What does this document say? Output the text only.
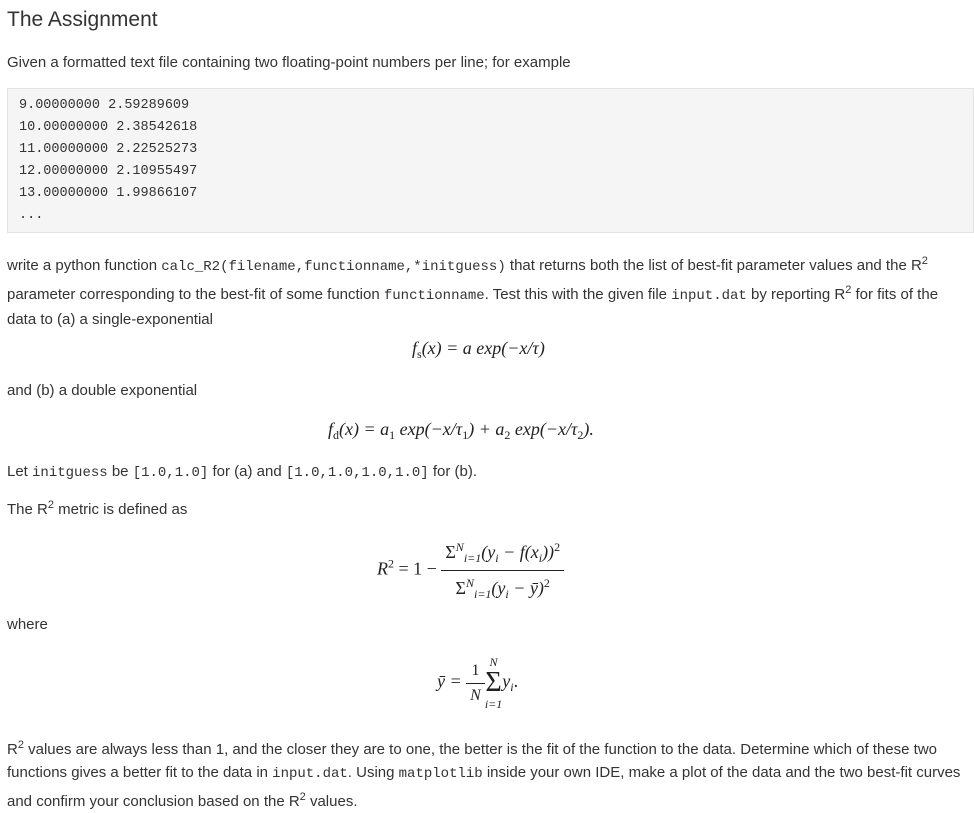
The Assignment

Given a formatted text file containing two floating-point numbers per line; for example

9.00000000 2.59289609
10.00000000 2.38542618
11.00000000 2.22525273
12.00000000 2.10955497
13.00000000 1.99866107
...

write a python function calc_R2(filename,functionname,*initguess) that returns both the list of best-fit parameter values and the $R^2$ parameter corresponding to the best-fit of some function functionname. Test this with the given file input.dat by reporting $R^2$ for fits of the data to (a) a single-exponential

$f_s(x) = a$ exp(−x/τ)

and (b) a double exponential

$f_d(x) = a_1$ $\exp(-x/\tau_1) + a_2$ $\exp(-x/\tau_2)$.

Let initguess be [1.0,1.0] for (a) and [1.0,1.0,1.0,1.0] for (b).

The $R^2$ metric is defined as

$R^2 = 1 - \frac{\Sigma^N_{i=1}(y_i - f(x_i))^2}{\Sigma^N_{i=1}(y_i - ȳ)^2}$

where

ȳ = $\frac{1}{N}$ N
Σ
i=1
$y_i$.

$R^2$ values are always less than 1, and the closer they are to one, the better is the fit of the function to the data. Determine which of these two functions gives a better fit to the data in input.dat. Using matplotlib inside your own IDE, make a plot of the data and the two best-fit curves and confirm your conclusion based on the $R^2$ values.
